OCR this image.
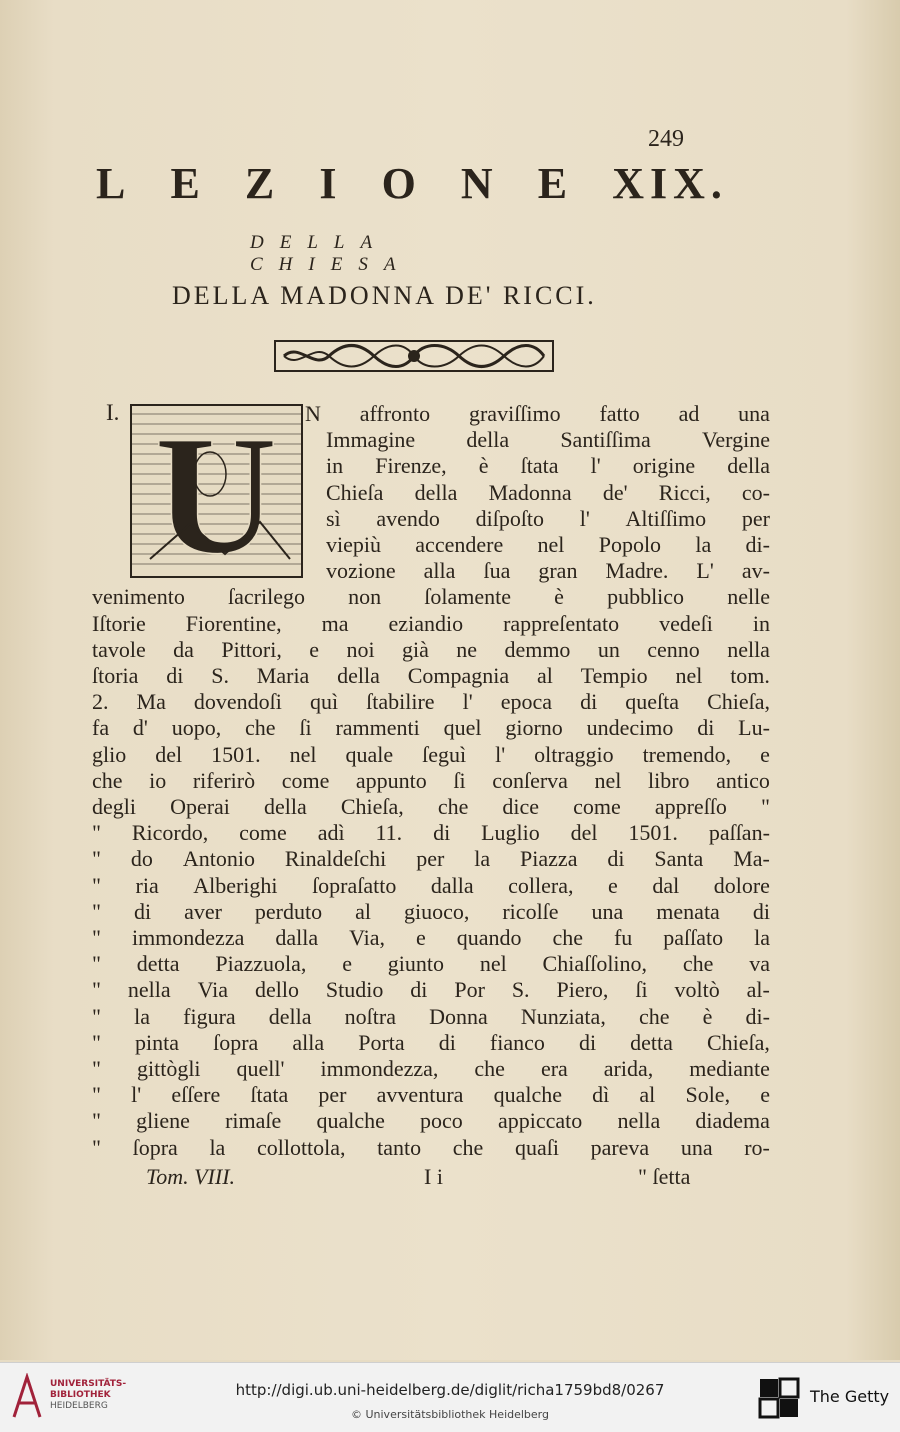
249
L E Z I O N E XIX.
DELLA CHIESA
DELLA MADONNA DE' RICCI.
I. U N affronto graviſſimo fatto ad una
Immagine della Santiſſima Vergine
in Firenze, è ſtata l' origine della
Chieſa della Madonna de' Ricci, co-
sì avendo diſpoſto l' Altiſſimo per
viepiù accendere nel Popolo la di-
vozione alla ſua gran Madre. L' av-
venimento ſacrilego non ſolamente è pubblico nelle
Iſtorie Fiorentine, ma eziandio rappreſentato vedeſi in
tavole da Pittori, e noi già ne demmo un cenno nella
ſtoria di S. Maria della Compagnia al Tempio nel tom.
2. Ma dovendoſi quì ſtabilire l' epoca di queſta Chieſa,
fa d' uopo, che ſi rammenti quel giorno undecimo di Lu-
glio del 1501. nel quale ſeguì l' oltraggio tremendo, e
che io riferirò come appunto ſi conſerva nel libro antico
degli Operai della Chieſa, che dice come appreſſo "
" Ricordo, come adì 11. di Luglio del 1501. paſſan-
" do Antonio Rinaldeſchi per la Piazza di Santa Ma-
" ria Alberighi ſopraſatto dalla collera, e dal dolore
" di aver perduto al giuoco, ricolſe una menata di
" immondezza dalla Via, e quando che fu paſſato la
" detta Piazzuola, e giunto nel Chiaſſolino, che va
" nella Via dello Studio di Por S. Piero, ſi voltò al-
" la figura della noſtra Donna Nunziata, che è di-
" pinta ſopra alla Porta di fianco di detta Chieſa,
" gittògli quell' immondezza, che era arida, mediante
" l' eſſere ſtata per avventura qualche dì al Sole, e
" gliene rimaſe qualche poco appiccato nella diadema
" ſopra la collottola, tanto che quaſi pareva una ro-
Tom. VIII.	I i	" ſetta
UNIVERSITÄTS-
BIBLIOTHEK
HEIDELBERG
http://digi.ub.uni-heidelberg.de/diglit/richa1759bd8/0267
© Universitätsbibliothek Heidelberg
The Getty
